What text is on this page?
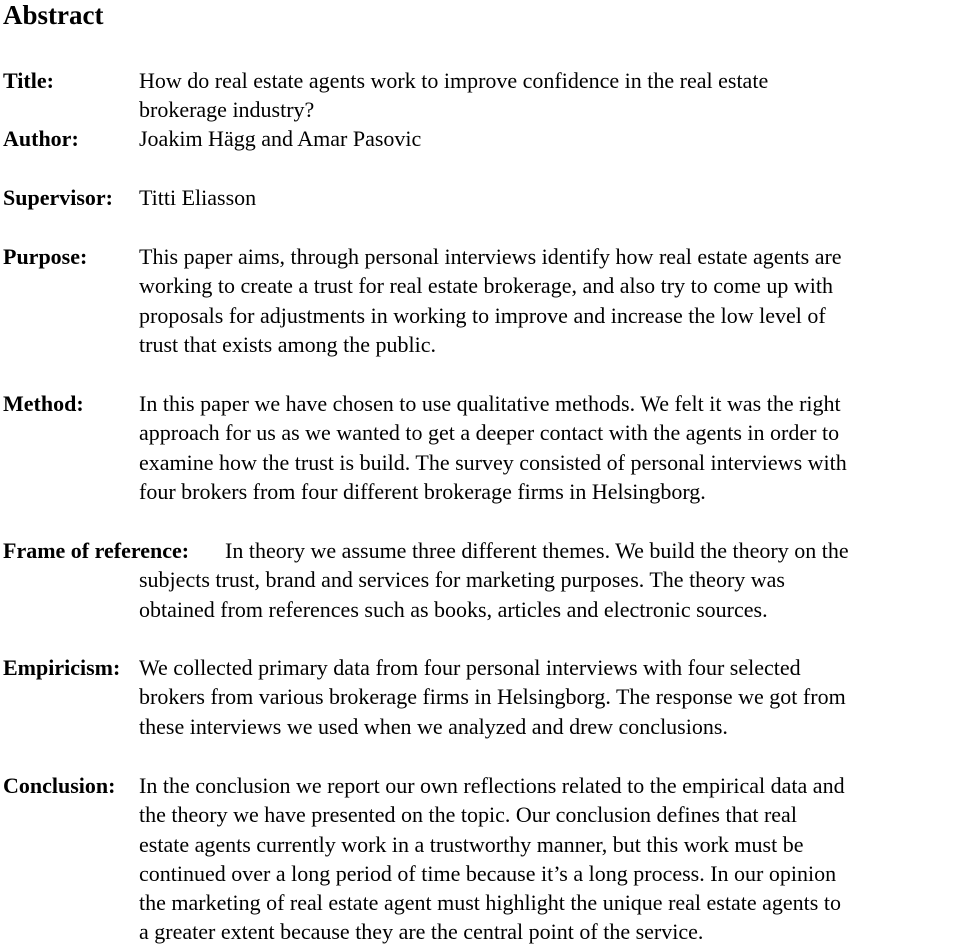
Abstract
Title:	How do real estate agents work to improve confidence in the real estate
brokerage industry?

Author:	Joakim Hägg and Amar Pasovic

Supervisor: Titti Eliasson

Purpose: This paper aims, through personal interviews identify how real estate agents are
working to create a trust for real estate brokerage, and also try to come up with
proposals for adjustments in working to improve and increase the low level of
trust that exists among the public.

Method:	In this paper we have chosen to use qualitative methods. We felt it was the right
approach for us as we wanted to get a deeper contact with the agents in order to
examine how the trust is build. The survey consisted of personal interviews with
four brokers from four different brokerage firms in Helsingborg.

Frame of reference: In theory we assume three different themes. We build the theory on the
subjects trust, brand and services for marketing purposes. The theory was
obtained from references such as books, articles and electronic sources.

Empiricism: We collected primary data from four personal interviews with four selected
brokers from various brokerage firms in Helsingborg. The response we got from
these interviews we used when we analyzed and drew conclusions.

Conclusion: In the conclusion we report our own reflections related to the empirical data and
the theory we have presented on the topic. Our conclusion defines that real
estate agents currently work in a trustworthy manner, but this work must be
continued over a long period of time because it’s a long process. In our opinion
the marketing of real estate agent must highlight the unique real estate agents to
a greater extent because they are the central point of the service.
